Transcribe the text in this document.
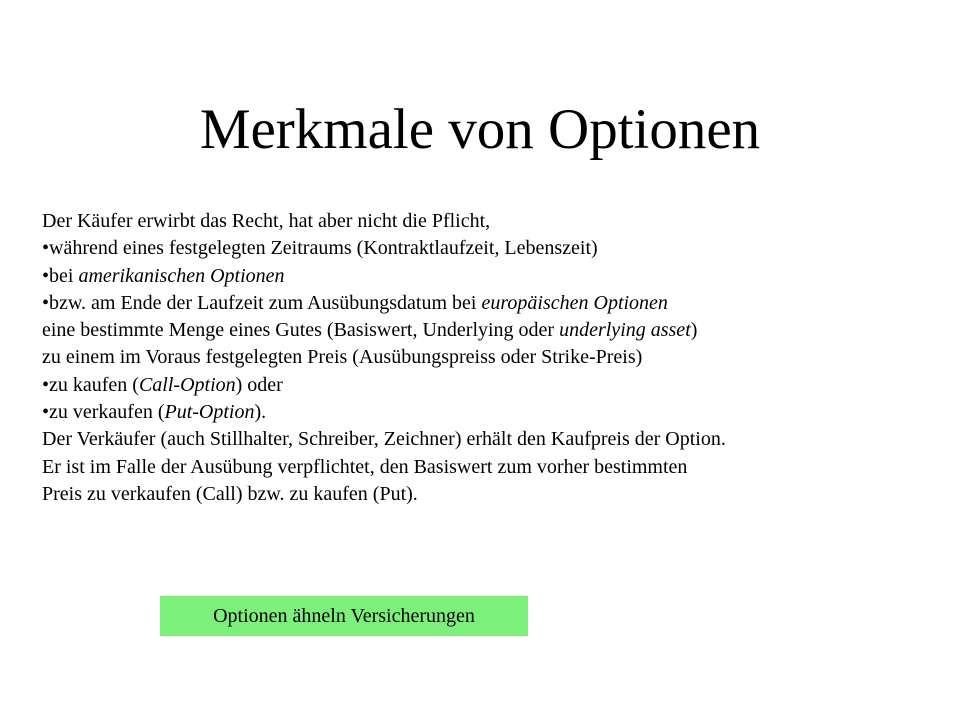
Merkmale von Optionen
Der Käufer erwirbt das Recht, hat aber nicht die Pflicht,
•während eines festgelegten Zeitraums (Kontraktlaufzeit, Lebenszeit)
•bei amerikanischen Optionen
•bzw. am Ende der Laufzeit zum Ausübungsdatum bei europäischen Optionen
eine bestimmte Menge eines Gutes (Basiswert, Underlying oder underlying asset)
zu einem im Voraus festgelegten Preis (Ausübungspreiss oder Strike-Preis)
•zu kaufen (Call-Option) oder
•zu verkaufen (Put-Option).
Der Verkäufer (auch Stillhalter, Schreiber, Zeichner) erhält den Kaufpreis der Option.
Er ist im Falle der Ausübung verpflichtet, den Basiswert zum vorher bestimmten
Preis zu verkaufen (Call) bzw. zu kaufen (Put).
Optionen ähneln Versicherungen
